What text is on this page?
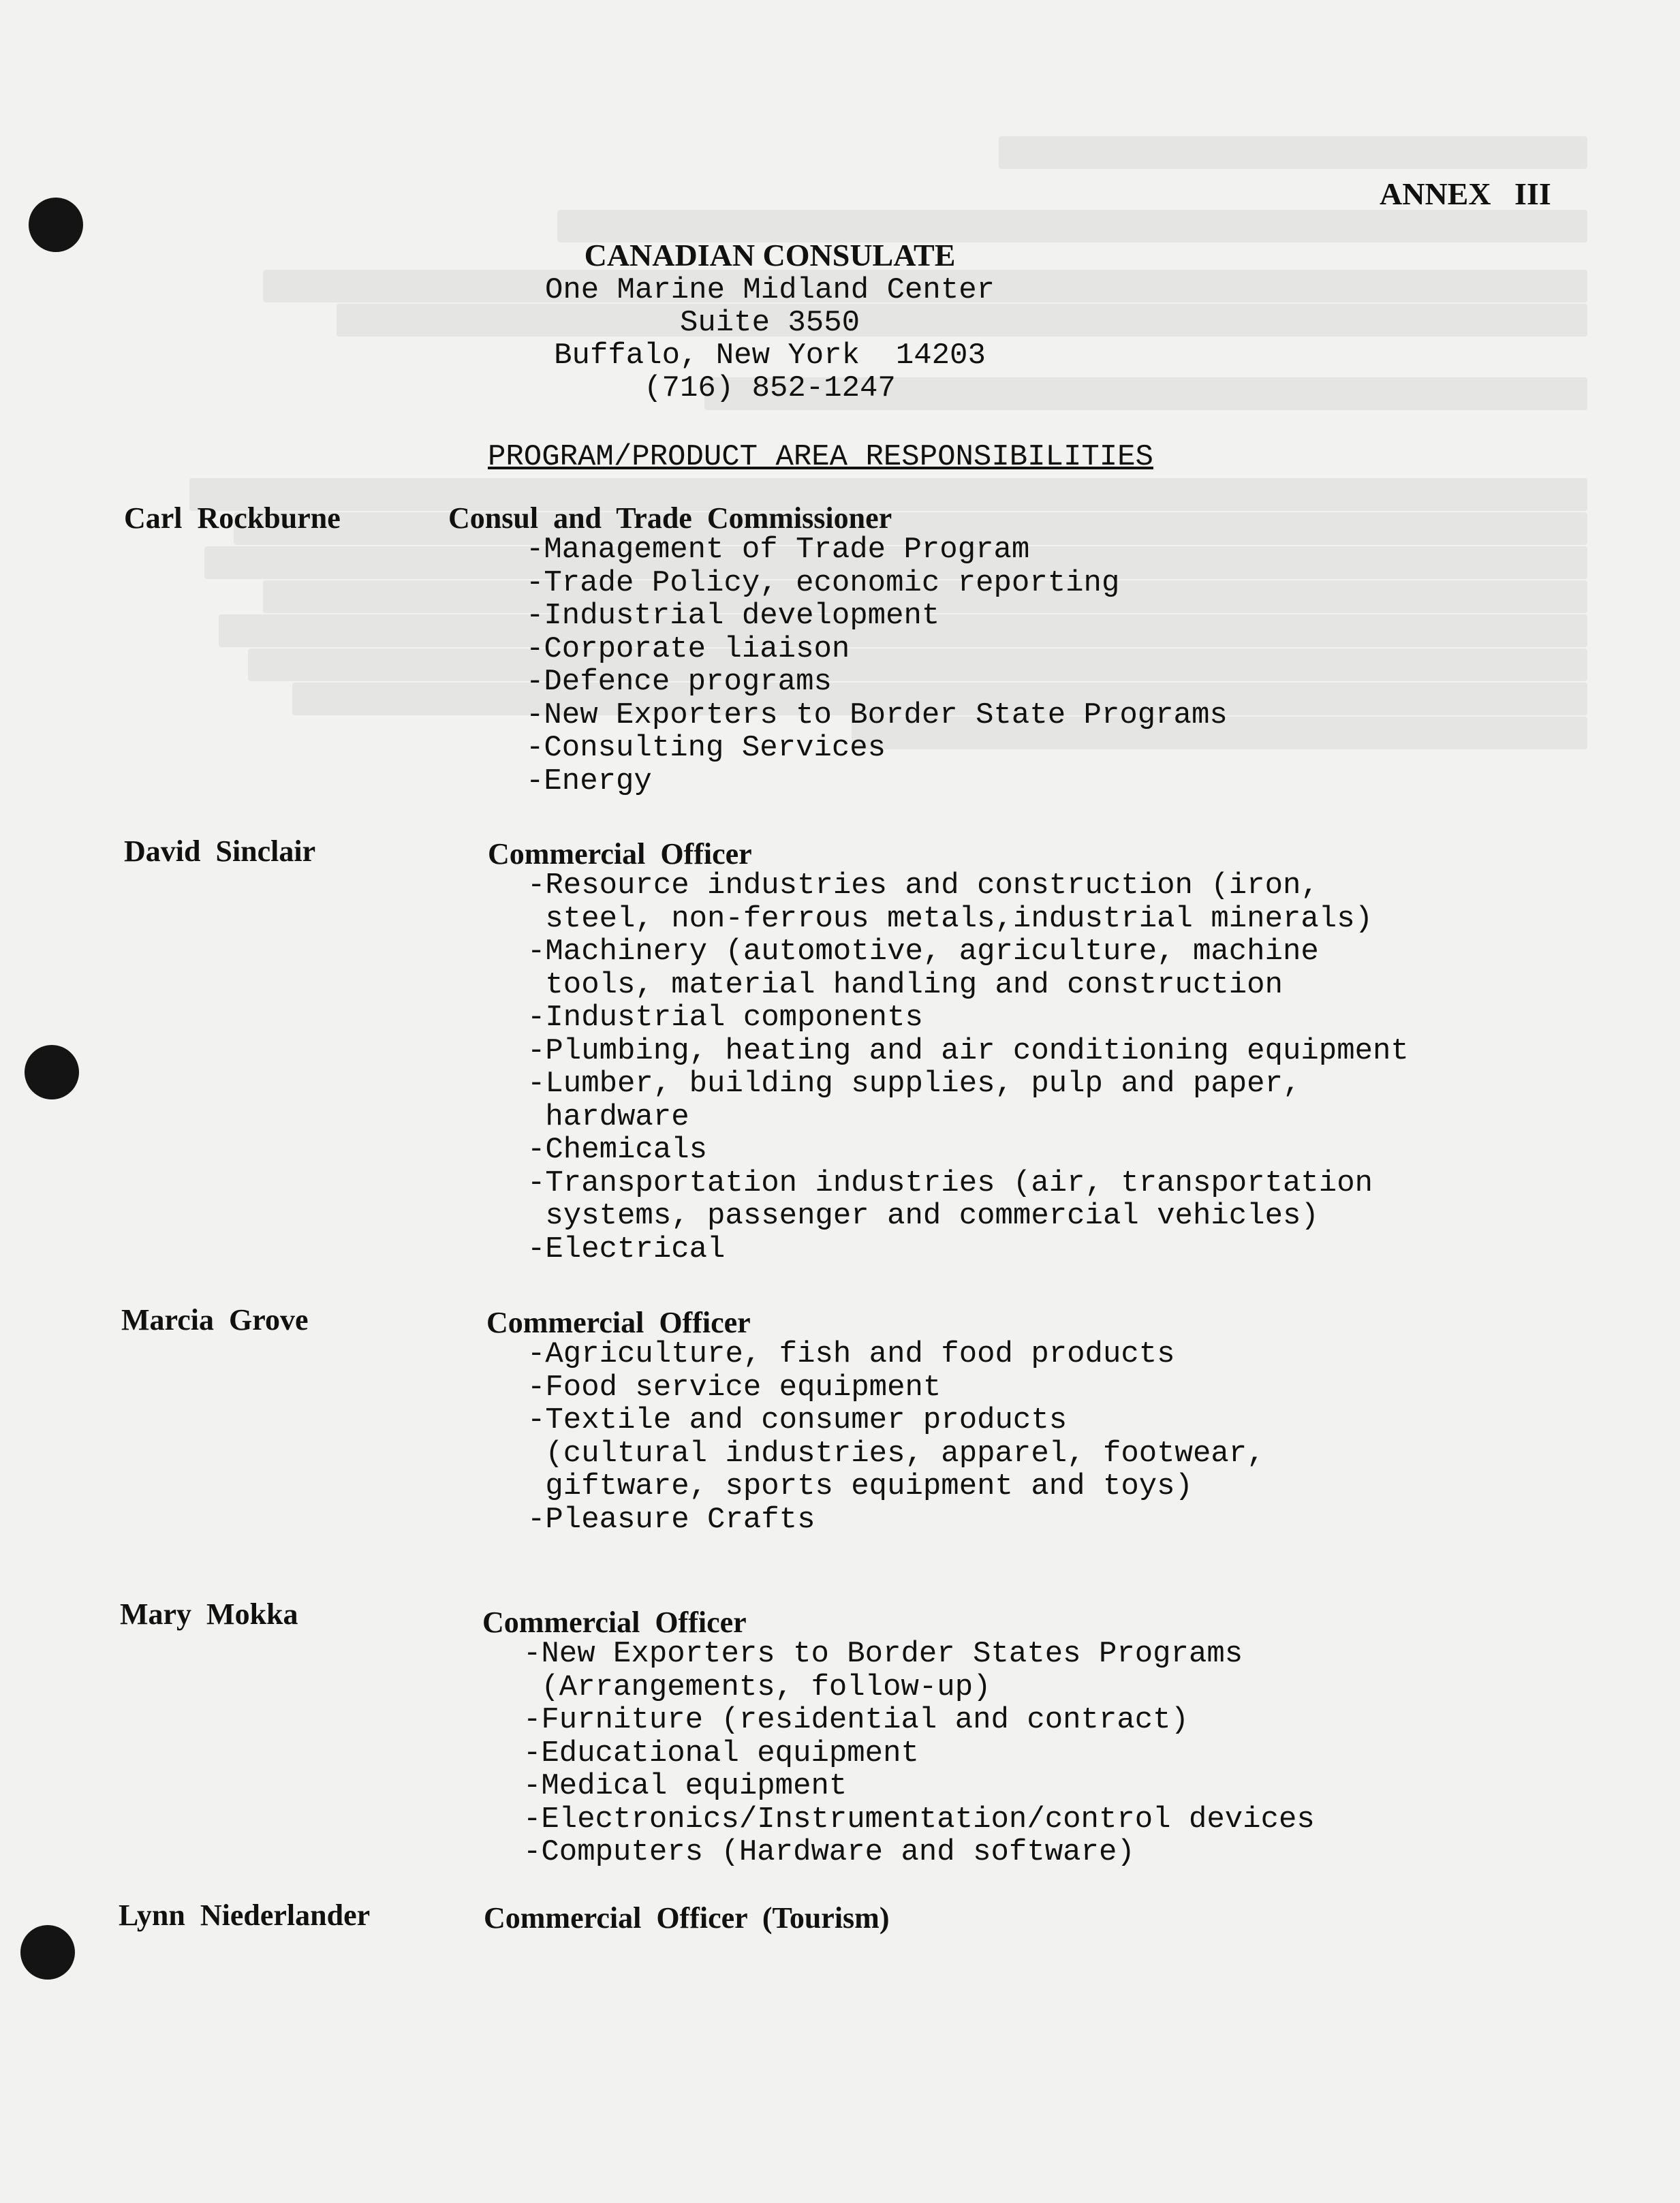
ANNEX   III
CANADIAN CONSULATE
One Marine Midland Center
Suite 3550
Buffalo, New York  14203
(716) 852-1247
PROGRAM/PRODUCT AREA RESPONSIBILITIES
Carl  Rockburne	Consul  and  Trade  Commissioner
-Management of Trade Program
-Trade Policy, economic reporting
-Industrial development
-Corporate liaison
-Defence programs
-New Exporters to Border State Programs
-Consulting Services
-Energy
David  Sinclair	Commercial  Officer
-Resource industries and construction (iron,
steel, non-ferrous metals,industrial minerals)
-Machinery (automotive, agriculture, machine
tools, material handling and construction
-Industrial components
-Plumbing, heating and air conditioning equipment
-Lumber, building supplies, pulp and paper,
hardware
-Chemicals
-Transportation industries (air, transportation
systems, passenger and commercial vehicles)
-Electrical
Marcia  Grove	Commercial  Officer
-Agriculture, fish and food products
-Food service equipment
-Textile and consumer products
(cultural industries, apparel, footwear,
giftware, sports equipment and toys)
-Pleasure Crafts
Mary  Mokka	Commercial  Officer
-New Exporters to Border States Programs
(Arrangements, follow-up)
-Furniture (residential and contract)
-Educational equipment
-Medical equipment
-Electronics/Instrumentation/control devices
-Computers (Hardware and software)
Lynn  Niederlander	Commercial  Officer  (Tourism)
